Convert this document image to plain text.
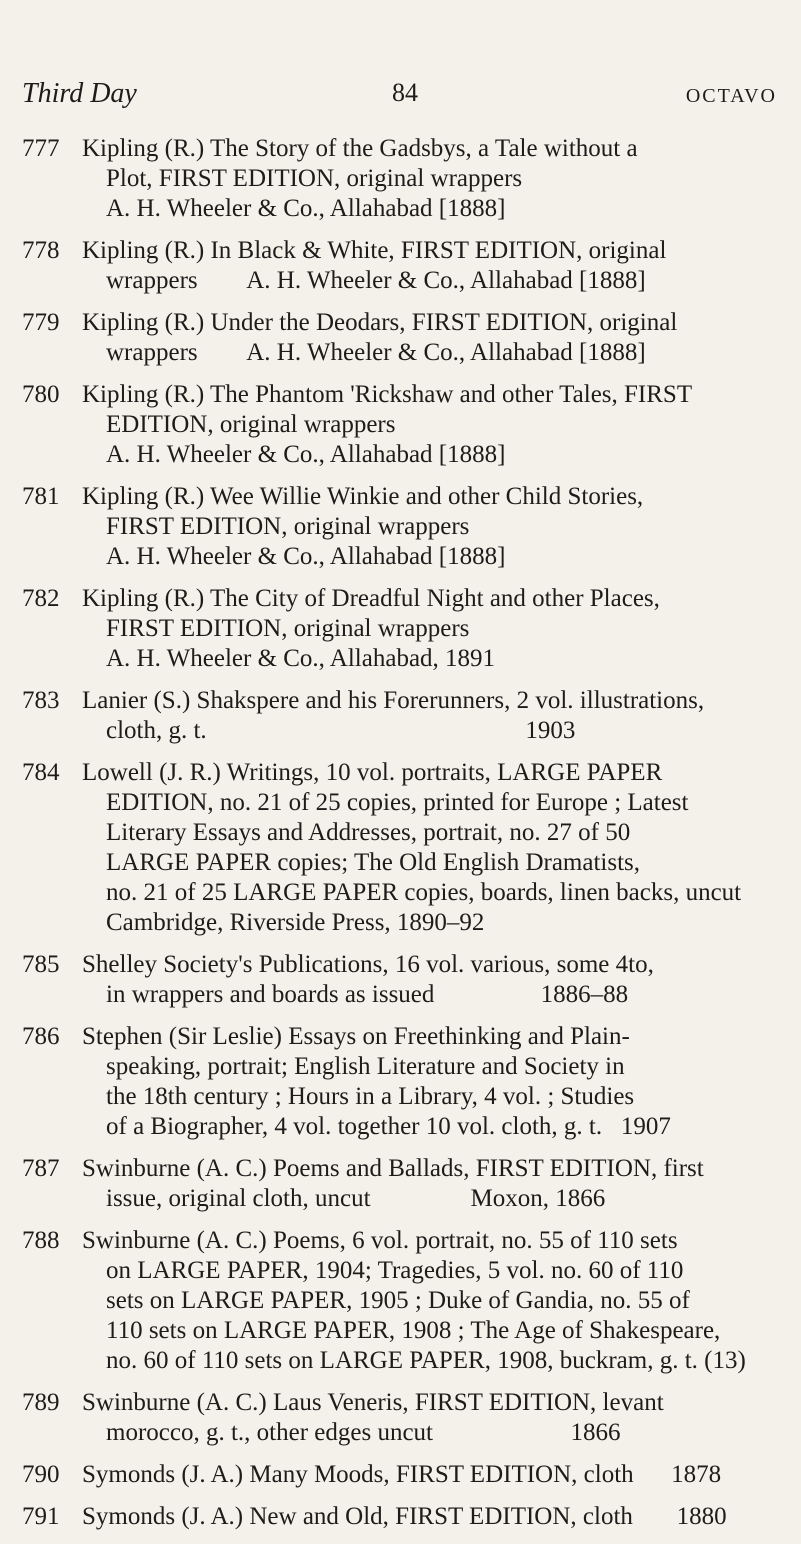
Third Day	84	OCTAVO
777 Kipling (R.) The Story of the Gadsbys, a Tale without a
Plot, FIRST EDITION, original wrappers
A. H. Wheeler & Co., Allahabad [1888]
778 Kipling (R.) In Black & White, FIRST EDITION, original
wrappers        A. H. Wheeler & Co., Allahabad [1888]
779 Kipling (R.) Under the Deodars, FIRST EDITION, original
wrappers        A. H. Wheeler & Co., Allahabad [1888]
780 Kipling (R.) The Phantom 'Rickshaw and other Tales, FIRST
EDITION, original wrappers
A. H. Wheeler & Co., Allahabad [1888]
781 Kipling (R.) Wee Willie Winkie and other Child Stories,
FIRST EDITION, original wrappers
A. H. Wheeler & Co., Allahabad [1888]
782 Kipling (R.) The City of Dreadful Night and other Places,
FIRST EDITION, original wrappers
A. H. Wheeler & Co., Allahabad, 1891
783 Lanier (S.) Shakspere and his Forerunners, 2 vol. illustrations,
cloth, g. t.                                                   1903
784 Lowell (J. R.) Writings, 10 vol. portraits, LARGE PAPER
EDITION, no. 21 of 25 copies, printed for Europe ; Latest
Literary Essays and Addresses, portrait, no. 27 of 50
LARGE PAPER copies; The Old English Dramatists,
no. 21 of 25 LARGE PAPER copies, boards, linen backs, uncut
Cambridge, Riverside Press, 1890–92
785 Shelley Society's Publications, 16 vol. various, some 4to,
in wrappers and boards as issued                 1886–88
786 Stephen (Sir Leslie) Essays on Freethinking and Plain-
speaking, portrait; English Literature and Society in
the 18th century ; Hours in a Library, 4 vol. ; Studies
of a Biographer, 4 vol. together 10 vol. cloth, g. t.   1907
787 Swinburne (A. C.) Poems and Ballads, FIRST EDITION, first
issue, original cloth, uncut                Moxon, 1866
788 Swinburne (A. C.) Poems, 6 vol. portrait, no. 55 of 110 sets
on LARGE PAPER, 1904; Tragedies, 5 vol. no. 60 of 110
sets on LARGE PAPER, 1905 ; Duke of Gandia, no. 55 of
110 sets on LARGE PAPER, 1908 ; The Age of Shakespeare,
no. 60 of 110 sets on LARGE PAPER, 1908, buckram, g. t. (13)
789 Swinburne (A. C.) Laus Veneris, FIRST EDITION, levant
morocco, g. t., other edges uncut                      1866
790 Symonds (J. A.) Many Moods, FIRST EDITION, cloth      1878
791 Symonds (J. A.) New and Old, FIRST EDITION, cloth       1880
